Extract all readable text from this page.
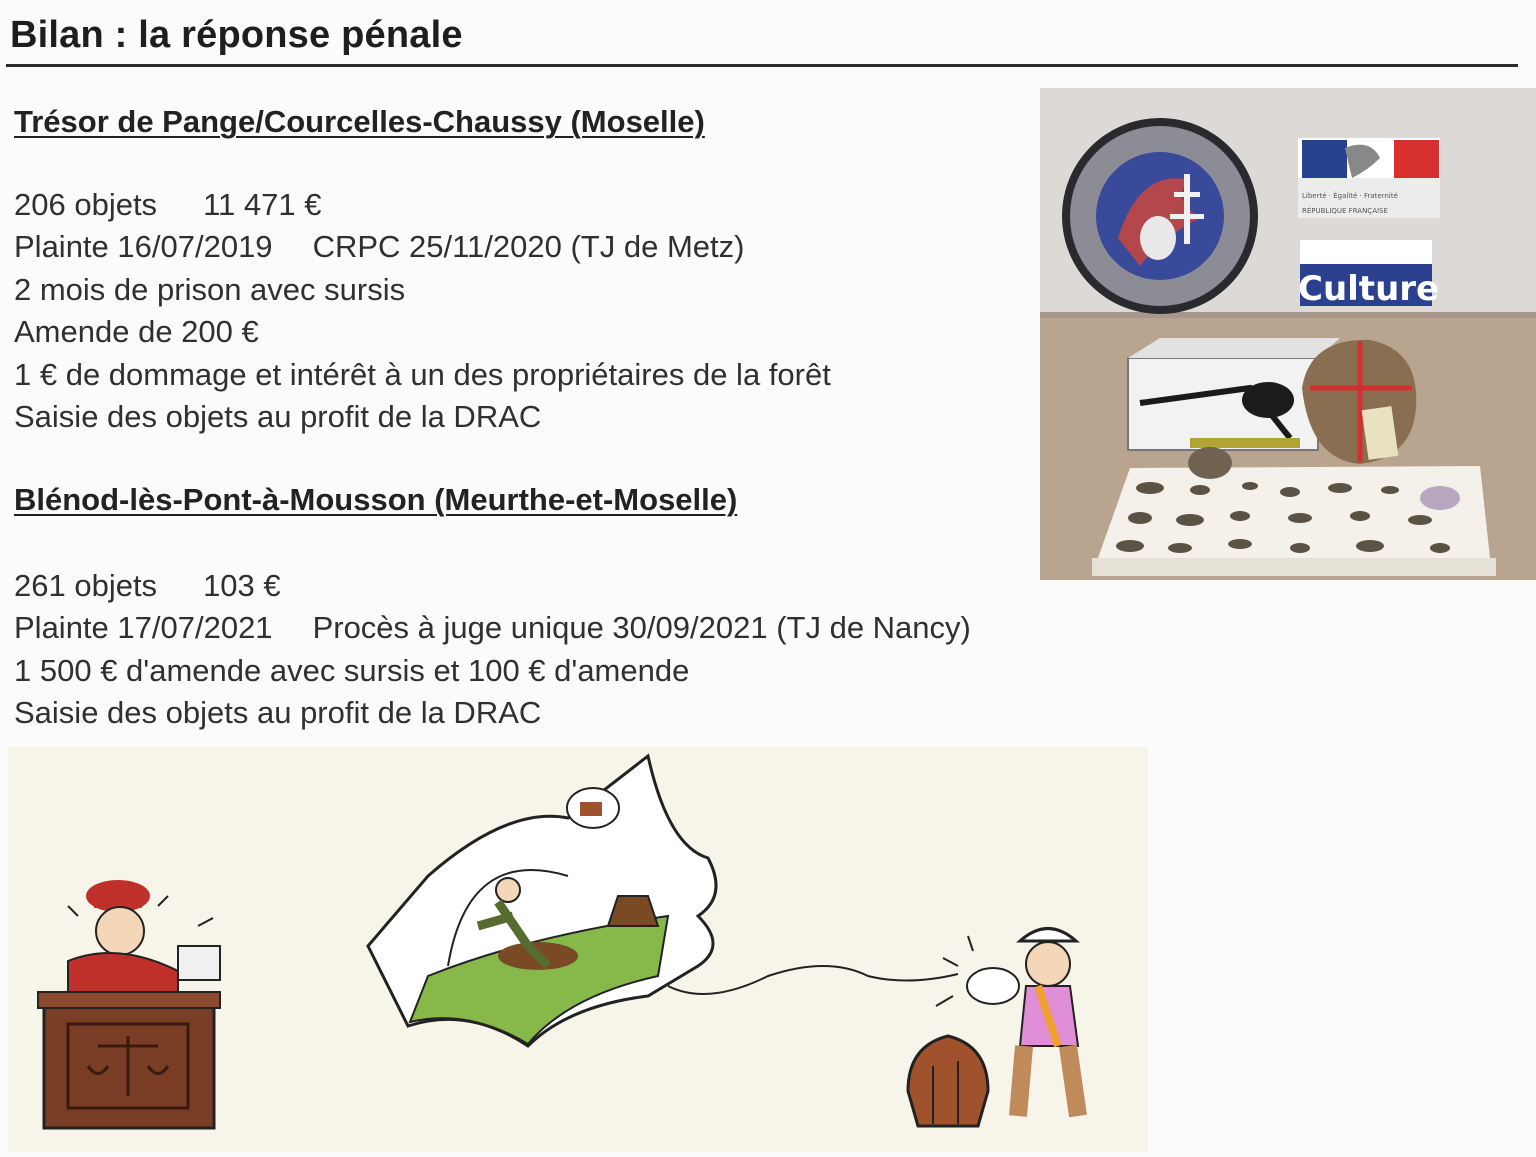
Bilan : la réponse pénale
Trésor de Pange/Courcelles-Chaussy (Moselle)
206 objets 11 471 €
Plainte 16/07/2019 CRPC 25/11/2020 (TJ de Metz)
2 mois de prison avec sursis
Amende de 200 €
1 € de dommage et intérêt à un des propriétaires de la forêt
Saisie des objets au profit de la DRAC
Blénod-lès-Pont-à-Mousson (Meurthe-et-Moselle)
261 objets 103 €
Plainte 17/07/2021 Procès à juge unique 30/09/2021 (TJ de Nancy)
1 500 € d'amende avec sursis et 100 € d'amende
Saisie des objets au profit de la DRAC
Liberté · Égalité · Fraternité
RÉPUBLIQUE FRANÇAISE
Culture
